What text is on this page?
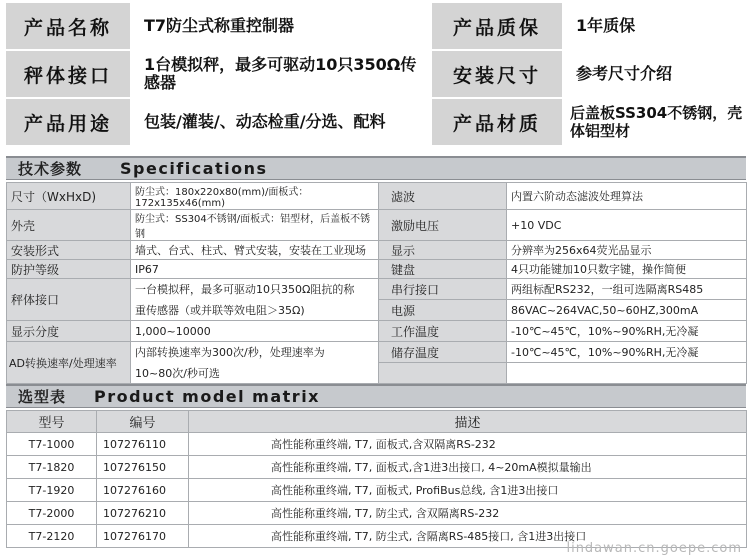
产品名称	T7防尘式称重控制器	产品质保	1年质保
秤体接口	1台模拟秤，最多可驱动10只350Ω传感器	安装尺寸	参考尺寸介绍
产品用途	包装/灌装/、动态检重/分选、配料	产品材质	后盖板SS304不锈钢，壳体铝型材
技术参数	Specifications
尺寸（WxHxD)	防尘式：180x220x80(mm)/面板式：172x135x46(mm)	滤波	内置六阶动态滤波处理算法
外壳	防尘式：SS304不锈钢/面板式：铝型材，后盖板不锈钢	激励电压	+10 VDC
安装形式	墙式、台式、柱式、臂式安装，安装在工业现场	显示	分辨率为256x64荧光品显示
防护等级	IP67	键盘	4只功能键加10只数字键，操作简便
秤体接口	一台模拟秤，最多可驱动10只350Ω阻抗的称	串行接口	两组标配RS232，一组可选隔离RS485
	重传感器（或并联等效电阻＞35Ω)	电源	86VAC~264VAC,50~60HZ,300mA
显示分度	1,000~10000	工作温度	-10℃~45℃，10%~90%RH,无冷凝
AD转换速率/处理速率	内部转换速率为300次/秒，处理速率为	储存温度	-10℃~45℃，10%~90%RH,无冷凝
	10~80次/秒可选		
选型表	Product model matrix
型号	编号	描述
T7-1000	107276110	高性能称重终端, T7, 面板式,含双隔离RS-232
T7-1820	107276150	高性能称重终端, T7, 面板式,含1进3出接口, 4~20mA模拟量输出
T7-1920	107276160	高性能称重终端, T7, 面板式, ProfiBus总线, 含1进3出接口
T7-2000	107276210	高性能称重终端, T7, 防尘式, 含双隔离RS-232
T7-2120	107276170	高性能称重终端, T7, 防尘式, 含隔离RS-485接口, 含1进3出接口
lindawan.cn.goepe.com
